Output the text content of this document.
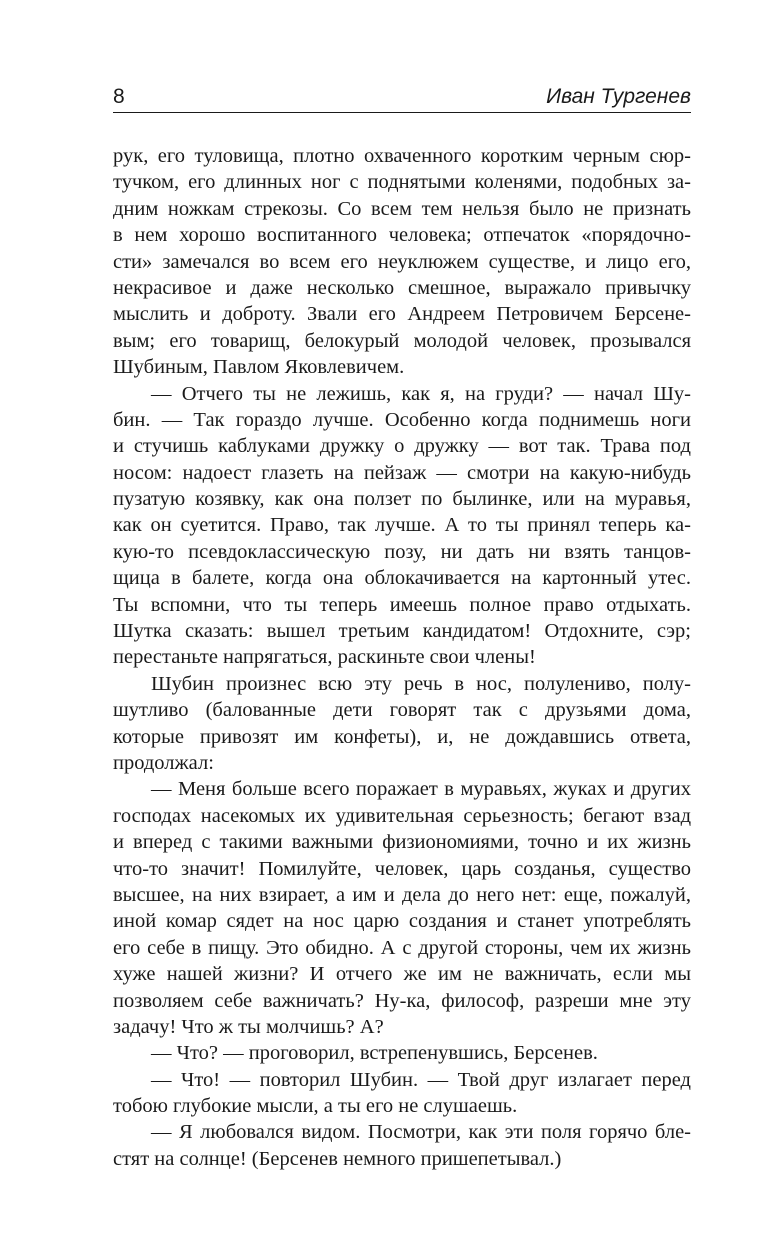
8	Иван Тургенев
рук, его туловища, плотно охваченного коротким черным сюр-
тучком, его длинных ног с поднятыми коленями, подобных за-
дним ножкам стрекозы. Со всем тем нельзя было не признать
в нем хорошо воспитанного человека; отпечаток «порядочно-
сти» замечался во всем его неуклюжем существе, и лицо его,
некрасивое и даже несколько смешное, выражало привычку
мыслить и доброту. Звали его Андреем Петровичем Берсене-
вым; его товарищ, белокурый молодой человек, прозывался
Шубиным, Павлом Яковлевичем.
— Отчего ты не лежишь, как я, на груди? — начал Шу-
бин. — Так гораздо лучше. Особенно когда поднимешь ноги
и стучишь каблуками дружку о дружку — вот так. Трава под
носом: надоест глазеть на пейзаж — смотри на какую-нибудь
пузатую козявку, как она ползет по былинке, или на муравья,
как он суетится. Право, так лучше. А то ты принял теперь ка-
кую-то псевдоклассическую позу, ни дать ни взять танцов-
щица в балете, когда она облокачивается на картонный утес.
Ты вспомни, что ты теперь имеешь полное право отдыхать.
Шутка сказать: вышел третьим кандидатом! Отдохните, сэр;
перестаньте напрягаться, раскиньте свои члены!
Шубин произнес всю эту речь в нос, полулениво, полу-
шутливо (балованные дети говорят так с друзьями дома,
которые привозят им конфеты), и, не дождавшись ответа,
продолжал:
— Меня больше всего поражает в муравьях, жуках и других
господах насекомых их удивительная серьезность; бегают взад
и вперед с такими важными физиономиями, точно и их жизнь
что-то значит! Помилуйте, человек, царь созданья, существо
высшее, на них взирает, а им и дела до него нет: еще, пожалуй,
иной комар сядет на нос царю создания и станет употреблять
его себе в пищу. Это обидно. А с другой стороны, чем их жизнь
хуже нашей жизни? И отчего же им не важничать, если мы
позволяем себе важничать? Ну-ка, философ, разреши мне эту
задачу! Что ж ты молчишь? А?
— Что? — проговорил, встрепенувшись, Берсенев.
— Что! — повторил Шубин. — Твой друг излагает перед
тобою глубокие мысли, а ты его не слушаешь.
— Я любовался видом. Посмотри, как эти поля горячо бле-
стят на солнце! (Берсенев немного пришепетывал.)
